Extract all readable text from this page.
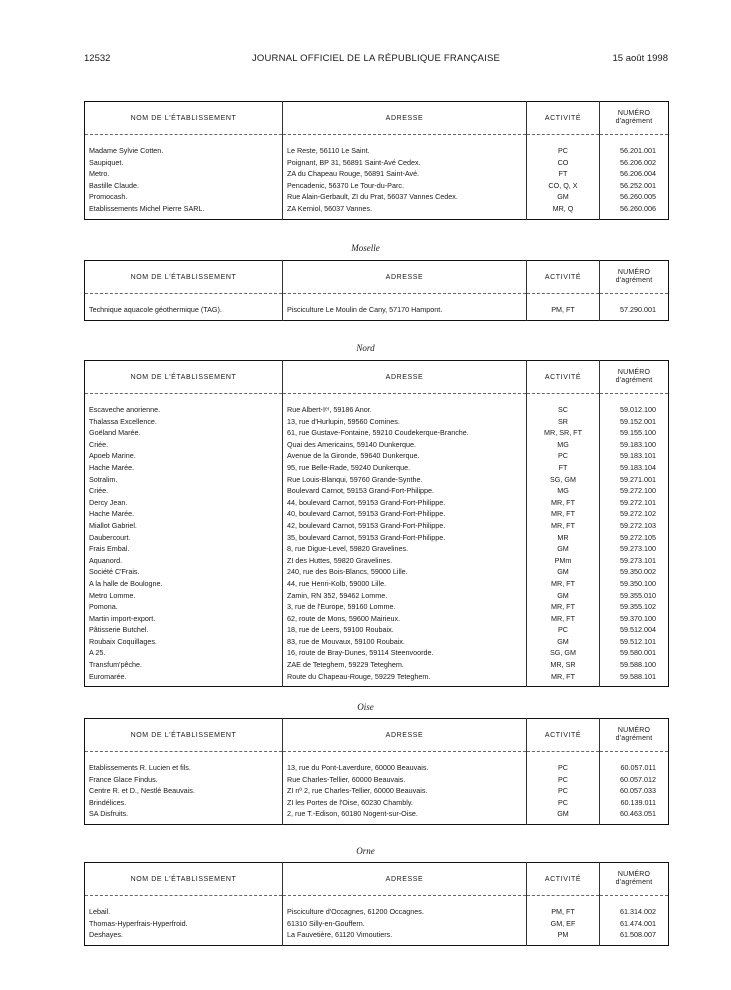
12532	JOURNAL OFFICIEL DE LA RÉPUBLIQUE FRANÇAISE	15 août 1998
NOM DE L'ÉTABLISSEMENT	ADRESSE	ACTIVITÉ	NUMÉRO
d'agrément

Madame Sylvie Cotten.	Le Reste, 56110 Le Saint.	PC	56.201.001
Saupiquet.	Poignant, BP 31, 56891 Saint-Avé Cedex.	CO	56.206.002
Metro.	ZA du Chapeau Rouge, 56891 Saint-Avé.	FT	56.206.004
Bastille Claude.	Pencadenic, 56370 Le Tour-du-Parc.	CO, Q, X	56.252.001
Promocash.	Rue Alain-Gerbault, ZI du Prat, 56037 Vannes Cedex.	GM	56.260.005
Etablissements Michel Pierre SARL.	ZA Kerniol, 56037 Vannes.	MR, Q	56.260.006

Moselle
NOM DE L'ÉTABLISSEMENT	ADRESSE	ACTIVITÉ	NUMÉRO
d'agrément

Technique aquacole géothermique (TAG).	Pisciculture Le Moulin de Cany, 57170 Hampont.	PM, FT	57.290.001

Nord
NOM DE L'ÉTABLISSEMENT	ADRESSE	ACTIVITÉ	NUMÉRO
d'agrément

Escaveche anorienne.	Rue Albert-Iᵉʳ, 59186 Anor.	SC	59.012.100
Thalassa Excellence.	13, rue d'Hurlupin, 59560 Comines.	SR	59.152.001
Goëland Marée.	61, rue Gustave-Fontaine, 59210 Coudekerque-Branche.	MR, SR, FT	59.155.100
Criée.	Quai des Americains, 59140 Dunkerque.	MG	59.183.100
Apoeb Marine.	Avenue de la Gironde, 59640 Dunkerque.	PC	59.183.101
Hache Marée.	95, rue Belle-Rade, 59240 Dunkerque.	FT	59.183.104
Sotralim.	Rue Louis-Blanqui, 59760 Grande-Synthe.	SG, GM	59.271.001
Criée.	Boulevard Carnot, 59153 Grand-Fort-Philippe.	MG	59.272.100
Dercy Jean.	44, boulevard Carnot, 59153 Grand-Fort-Philippe.	MR, FT	59.272.101
Hache Marée.	40, boulevard Carnot, 59153 Grand-Fort-Philippe.	MR, FT	59.272.102
Miallot Gabriel.	42, boulevard Carnot, 59153 Grand-Fort-Philippe.	MR, FT	59.272.103
Daubercourt.	35, boulevard Carnot, 59153 Grand-Fort-Philippe.	MR	59.272.105
Frais Embal.	8, rue Digue-Level, 59820 Gravelines.	GM	59.273.100
Aquanord.	ZI des Huttes, 59820 Gravelines.	PMm	59.273.101
Société C'Frais.	240, rue des Bois-Blancs, 59000 Lille.	GM	59.350.002
A la halle de Boulogne.	44, rue Henri-Kolb, 59000 Lille.	MR, FT	59.350.100
Metro Lomme.	Zamin, RN 352, 59462 Lomme.	GM	59.355.010
Pomona.	3, rue de l'Europe, 59160 Lomme.	MR, FT	59.355.102
Martin import-export.	62, route de Mons, 59600 Mairieux.	MR, FT	59.370.100
Pâtisserie Butchel.	18, rue de Leers, 59100 Roubaix.	PC	59.512.004
Roubaix Coquillages.	83, rue de Mouvaux, 59100 Roubaix.	GM	59.512.101
A 25.	16, route de Bray-Dunes, 59114 Steenvoorde.	SG, GM	59.580.001
Transfum'pêche.	ZAE de Teteghem, 59229 Teteghem.	MR, SR	59.588.100
Euromarée.	Route du Chapeau-Rouge, 59229 Teteghem.	MR, FT	59.588.101

Oise
NOM DE L'ÉTABLISSEMENT	ADRESSE	ACTIVITÉ	NUMÉRO
d'agrément

Etablissements R. Lucien et fils.	13, rue du Pont-Laverdure, 60000 Beauvais.	PC	60.057.011
France Glace Findus.	Rue Charles-Tellier, 60000 Beauvais.	PC	60.057.012
Centre R. et D., Nestlé Beauvais.	ZI nº 2, rue Charles-Tellier, 60000 Beauvais.	PC	60.057.033
Brindélices.	ZI les Portes de l'Oise, 60230 Chambly.	PC	60.139.011
SA Disfruits.	2, rue T.-Edison, 60180 Nogent-sur-Oise.	GM	60.463.051

Orne
NOM DE L'ÉTABLISSEMENT	ADRESSE	ACTIVITÉ	NUMÉRO
d'agrément

Lebail.	Pisciculture d'Occagnes, 61200 Occagnes.	PM, FT	61.314.002
Thomas-Hyperfrais-Hyperfroid.	61310 Silly-en-Gouffern.	GM, EF	61.474.001
Deshayes.	La Fauvetière, 61120 Vimoutiers.	PM	61.508.007
